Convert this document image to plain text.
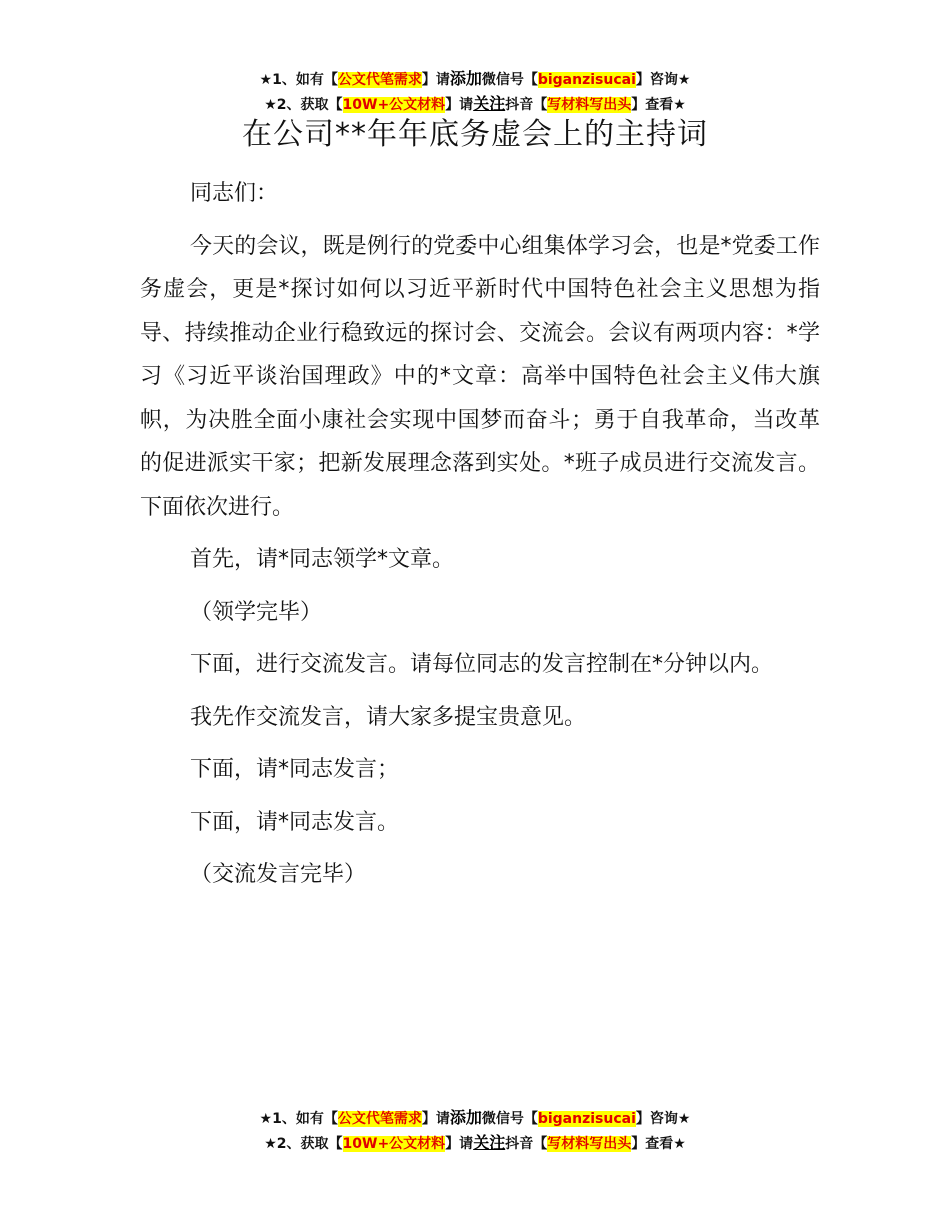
★1、如有【公文代笔需求】请添加微信号【biganzisucai】咨询★
★2、获取【10W+公文材料】请关注抖音【写材料写出头】查看★
在公司**年年底务虚会上的主持词

同志们：

今天的会议，既是例行的党委中心组集体学习会，也是*党委工作务虚会，更是*探讨如何以习近平新时代中国特色社会主义思想为指导、持续推动企业行稳致远的探讨会、交流会。会议有两项内容：*学习《习近平谈治国理政》中的*文章：高举中国特色社会主义伟大旗帜，为决胜全面小康社会实现中国梦而奋斗；勇于自我革命，当改革的促进派实干家；把新发展理念落到实处。*班子成员进行交流发言。下面依次进行。

首先，请*同志领学*文章。

（领学完毕）

下面，进行交流发言。请每位同志的发言控制在*分钟以内。

我先作交流发言，请大家多提宝贵意见。

下面，请*同志发言；

下面，请*同志发言。

（交流发言完毕）

★1、如有【公文代笔需求】请添加微信号【biganzisucai】咨询★
★2、获取【10W+公文材料】请关注抖音【写材料写出头】查看★
